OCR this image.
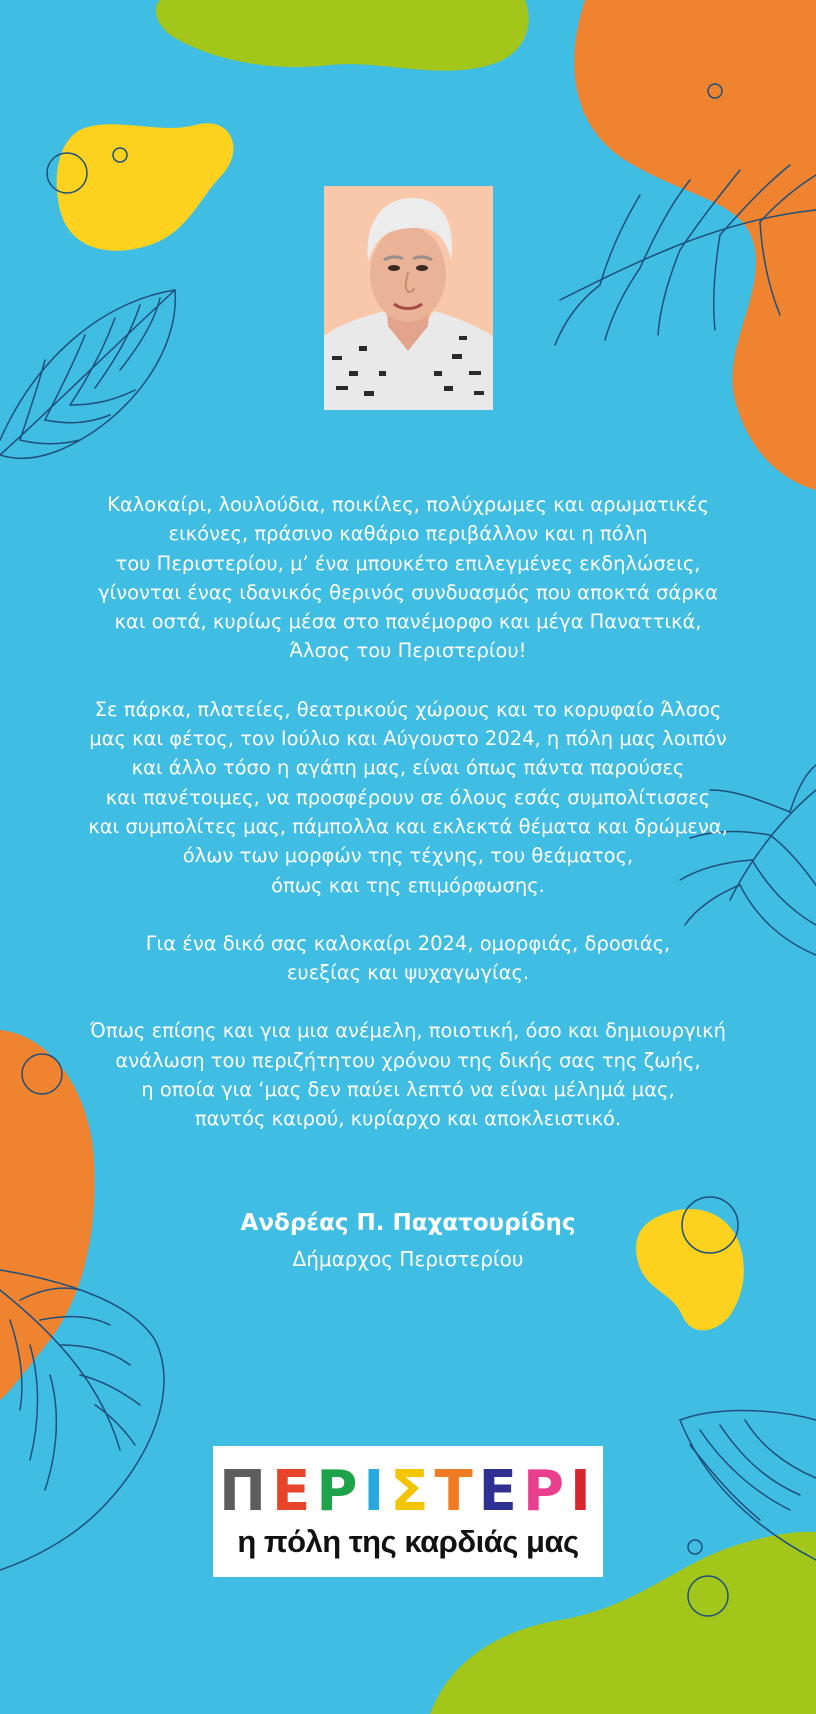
Καλοκαίρι, λουλούδια, ποικίλες, πολύχρωμες και αρωματικές
εικόνες, πράσινο καθάριο περιβάλλον και η πόλη
του Περιστερίου, μ’ ένα μπουκέτο επιλεγμένες εκδηλώσεις,
γίνονται ένας ιδανικός θερινός συνδυασμός που αποκτά σάρκα
και οστά, κυρίως μέσα στο πανέμορφο και μέγα Παναττικά,
Άλσος του Περιστερίου!

Σε πάρκα, πλατείες, θεατρικούς χώρους και το κορυφαίο Άλσος
μας και φέτος, τον Ιούλιο και Αύγουστο 2024, η πόλη μας λοιπόν
και άλλο τόσο η αγάπη μας, είναι όπως πάντα παρούσες
και πανέτοιμες, να προσφέρουν σε όλους εσάς συμπολίτισσες
και συμπολίτες μας, πάμπολλα και εκλεκτά θέματα και δρώμενα,
όλων των μορφών της τέχνης, του θεάματος,
όπως και της επιμόρφωσης.

Για ένα δικό σας καλοκαίρι 2024, ομορφιάς, δροσιάς,
ευεξίας και ψυχαγωγίας.

Όπως επίσης και για μια ανέμελη, ποιοτική, όσο και δημιουργική
ανάλωση του περιζήτητου χρόνου της δικής σας της ζωής,
η οποία για ‘μας δεν παύει λεπτό να είναι μέλημά μας,
παντός καιρού, κυρίαρχο και αποκλειστικό.

Ανδρέας Π. Παχατουρίδης
Δήμαρχος Περιστερίου
ΠΕΡΙΣΤΕΡΙ
η πόλη της καρδιάς μας
